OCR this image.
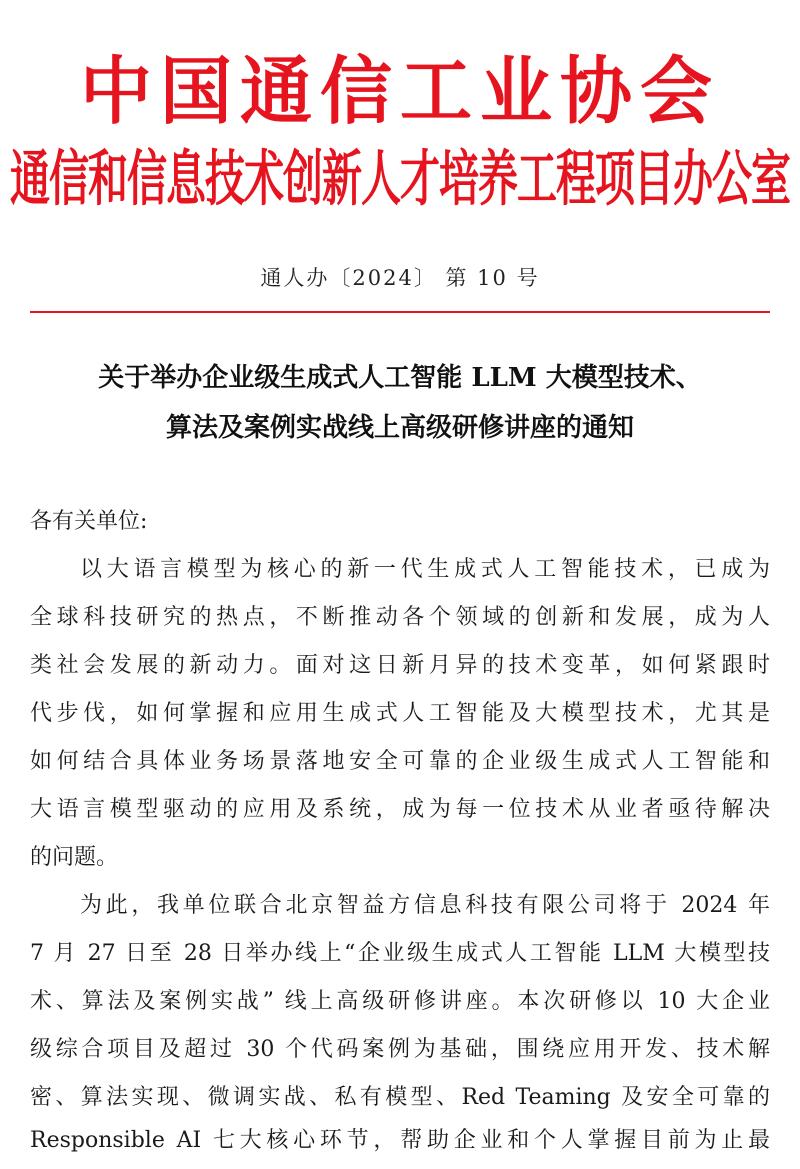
中国通信工业协会
通信和信息技术创新人才培养工程项目办公室
通人办〔2024〕 第 10 号
关于举办企业级生成式人工智能 LLM 大模型技术、
算法及案例实战线上高级研修讲座的通知
各有关单位:
以大语言模型为核心的新一代生成式人工智能技术，已成为
全球科技研究的热点，不断推动各个领域的创新和发展，成为人
类社会发展的新动力。面对这日新月异的技术变革，如何紧跟时
代步伐，如何掌握和应用生成式人工智能及大模型技术，尤其是
如何结合具体业务场景落地安全可靠的企业级生成式人工智能和
大语言模型驱动的应用及系统，成为每一位技术从业者亟待解决
的问题。
为此，我单位联合北京智益方信息科技有限公司将于 2024 年
7 月 27 日至 28 日举办线上“企业级生成式人工智能 LLM 大模型技
术、算法及案例实战” 线上高级研修讲座。本次研修以 10 大企业
级综合项目及超过 30 个代码案例为基础，围绕应用开发、技术解
密、算法实现、微调实战、私有模型、Red Teaming 及安全可靠的
Responsible AI 七大核心环节，帮助企业和个人掌握目前为止最
